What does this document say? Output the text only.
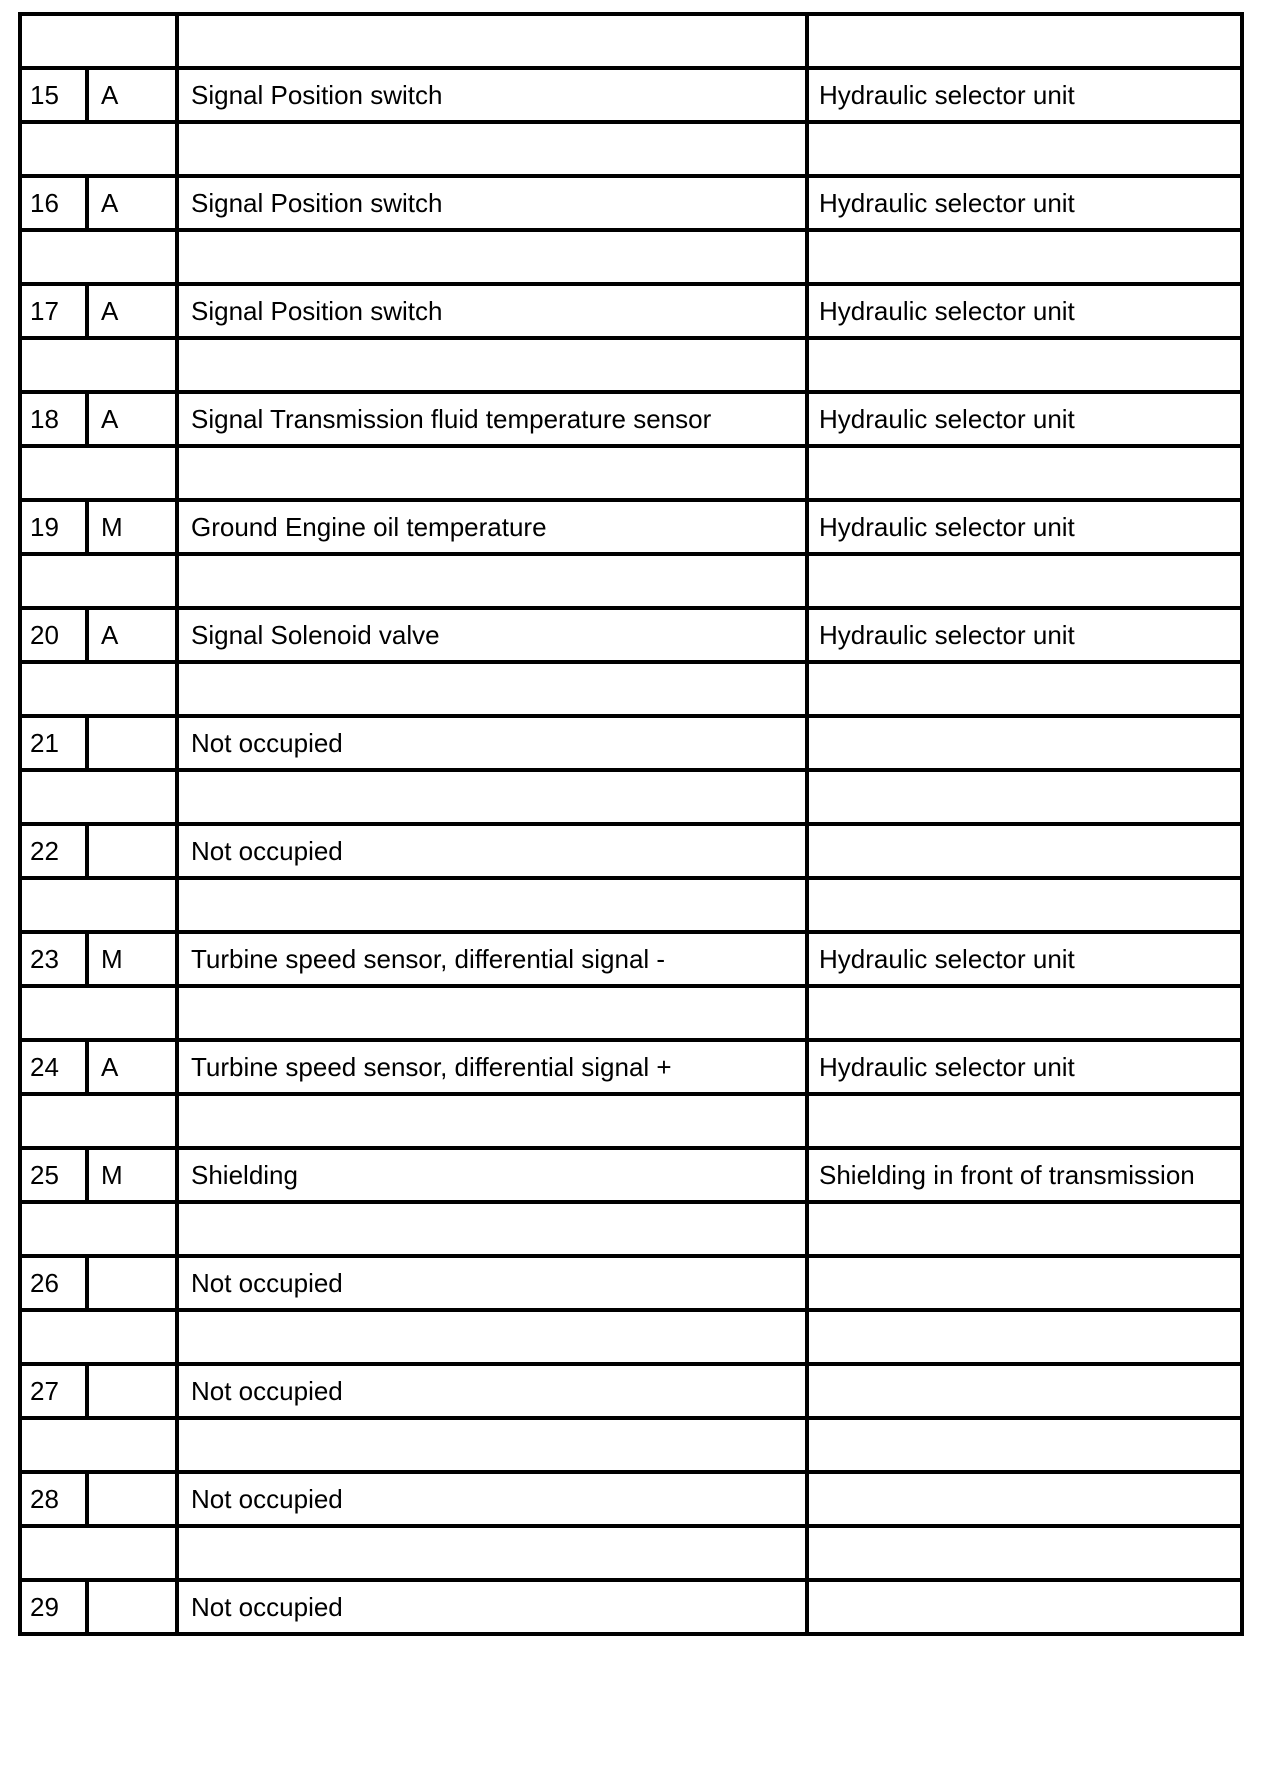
15	A	Signal Position switch	Hydraulic selector unit

16	A	Signal Position switch	Hydraulic selector unit

17	A	Signal Position switch	Hydraulic selector unit

18	A	Signal Transmission fluid temperature sensor	Hydraulic selector unit

19	M	Ground Engine oil temperature	Hydraulic selector unit

20	A	Signal Solenoid valve	Hydraulic selector unit

21		Not occupied	

22		Not occupied	

23	M	Turbine speed sensor, differential signal -	Hydraulic selector unit

24	A	Turbine speed sensor, differential signal +	Hydraulic selector unit

25	M	Shielding	Shielding in front of transmission

26		Not occupied	

27		Not occupied	

28		Not occupied	

29		Not occupied	
